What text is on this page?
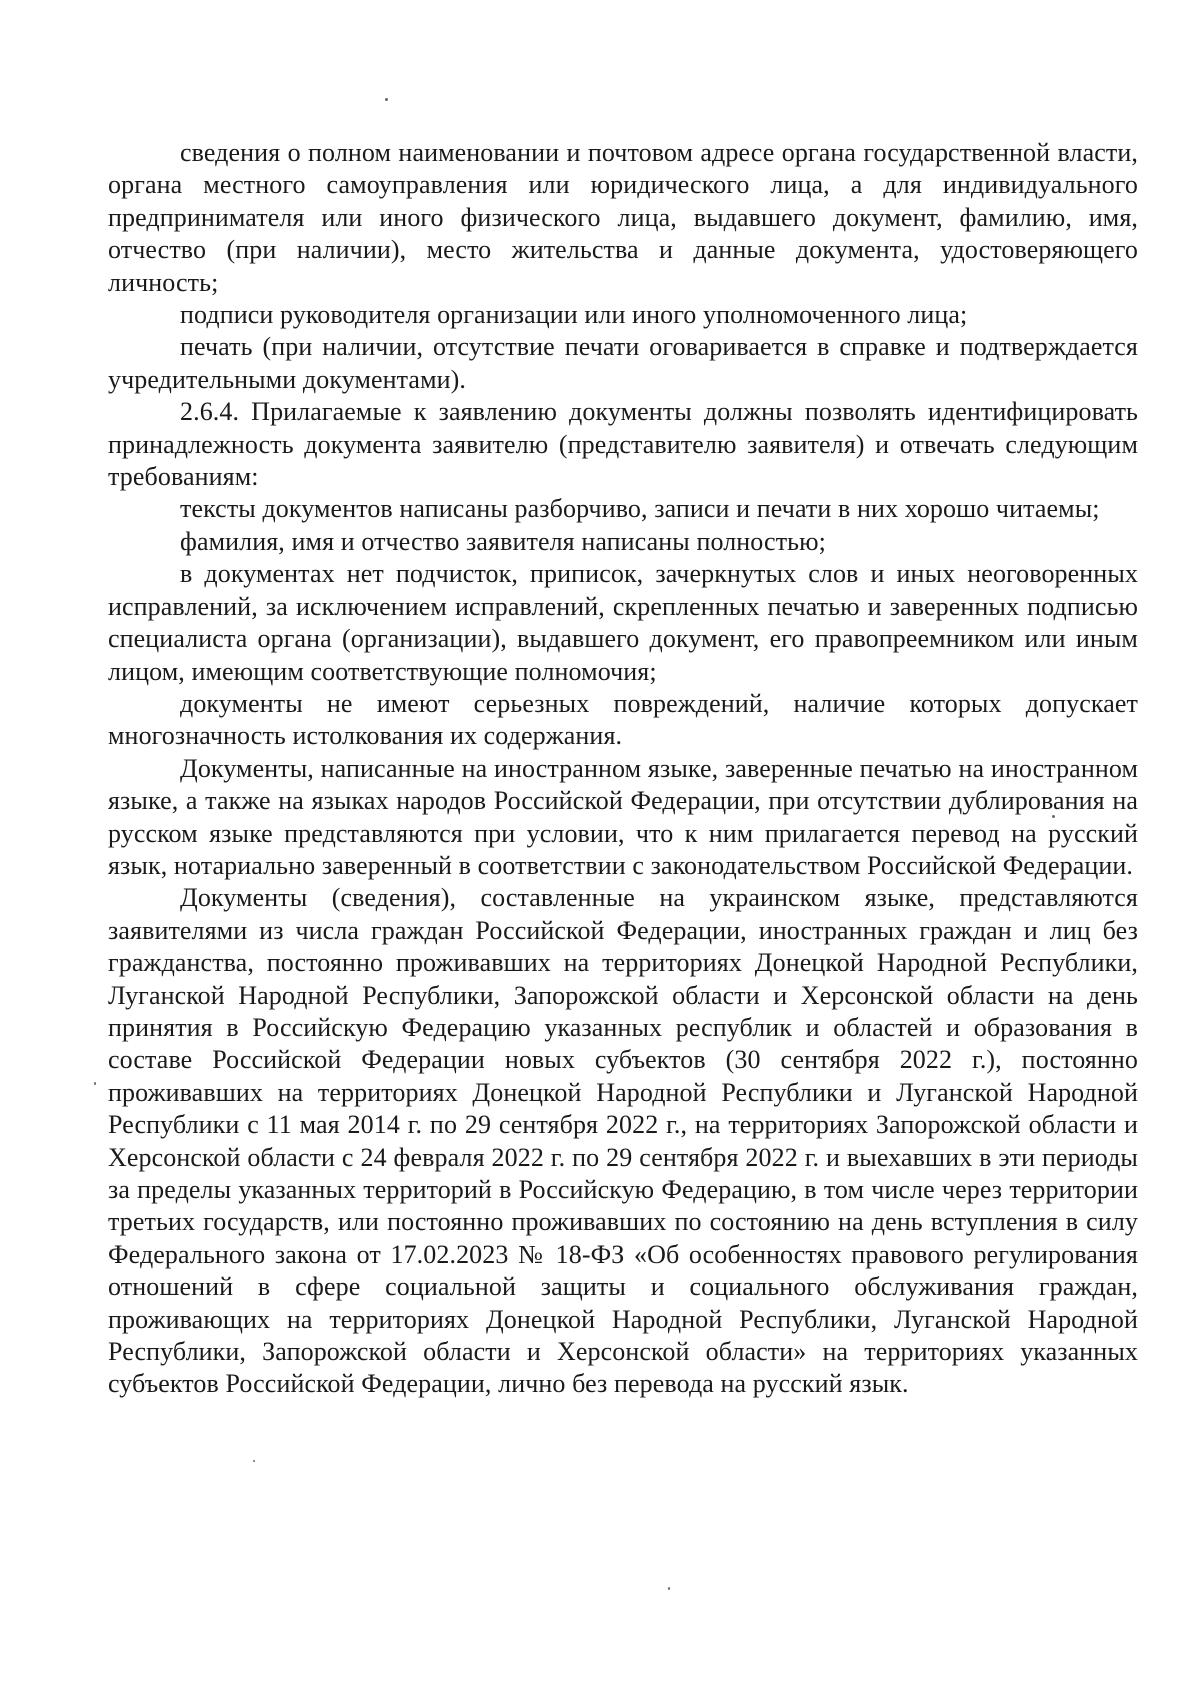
сведения о полном наименовании и почтовом адресе органа государственной власти, органа местного самоуправления или юридического лица, а для индивидуального предпринимателя или иного физического лица, выдавшего документ, фамилию, имя, отчество (при наличии), место жительства и данные документа, удостоверяющего личность;

подписи руководителя организации или иного уполномоченного лица;

печать (при наличии, отсутствие печати оговаривается в справке и подтверждается учредительными документами).

2.6.4. Прилагаемые к заявлению документы должны позволять идентифицировать принадлежность документа заявителю (представителю заявителя) и отвечать следующим требованиям:

тексты документов написаны разборчиво, записи и печати в них хорошо читаемы;

фамилия, имя и отчество заявителя написаны полностью;

в документах нет подчисток, приписок, зачеркнутых слов и иных неоговоренных исправлений, за исключением исправлений, скрепленных печатью и заверенных подписью специалиста органа (организации), выдавшего документ, его правопреемником или иным лицом, имеющим соответствующие полномочия;

документы не имеют серьезных повреждений, наличие которых допускает многозначность истолкования их содержания.

Документы, написанные на иностранном языке, заверенные печатью на иностранном языке, а также на языках народов Российской Федерации, при отсутствии дублирования на русском языке представляются при условии, что к ним прилагается перевод на русский язык, нотариально заверенный в соответствии с законодательством Российской Федерации.

Документы (сведения), составленные на украинском языке, представляются заявителями из числа граждан Российской Федерации, иностранных граждан и лиц без гражданства, постоянно проживавших на территориях Донецкой Народной Республики, Луганской Народной Республики, Запорожской области и Херсонской области на день принятия в Российскую Федерацию указанных республик и областей и образования в составе Российской Федерации новых субъектов (30 сентября 2022 г.), постоянно проживавших на территориях Донецкой Народной Республики и Луганской Народной Республики с 11 мая 2014 г. по 29 сентября 2022 г., на территориях Запорожской области и Херсонской области с 24 февраля 2022 г. по 29 сентября 2022 г. и выехавших в эти периоды за пределы указанных территорий в Российскую Федерацию, в том числе через территории третьих государств, или постоянно проживавших по состоянию на день вступления в силу Федерального закона от 17.02.2023 № 18-ФЗ «Об особенностях правового регулирования отношений в сфере социальной защиты и социального обслуживания граждан, проживающих на территориях Донецкой Народной Республики, Луганской Народной Республики, Запорожской области и Херсонской области» на территориях указанных субъектов Российской Федерации, лично без перевода на русский язык.
